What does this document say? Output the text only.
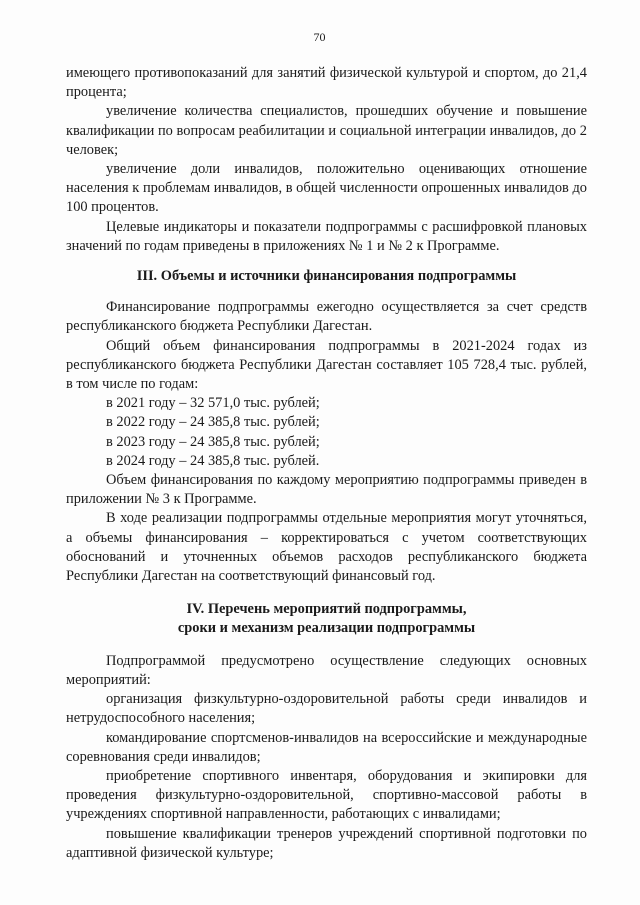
70

имеющего противопоказаний для занятий физической культурой и спортом, до 21,4 процента;

увеличение количества специалистов, прошедших обучение и повышение квалификации по вопросам реабилитации и социальной интеграции инвалидов, до 2 человек;

увеличение доли инвалидов, положительно оценивающих отношение населения к проблемам инвалидов, в общей численности опрошенных инвалидов до 100 процентов.

Целевые индикаторы и показатели подпрограммы с расшифровкой плановых значений по годам приведены в приложениях № 1 и № 2 к Программе.

III. Объемы и источники финансирования подпрограммы

Финансирование подпрограммы ежегодно осуществляется за счет средств республиканского бюджета Республики Дагестан.

Общий объем финансирования подпрограммы в 2021-2024 годах из республиканского бюджета Республики Дагестан составляет 105 728,4 тыс. рублей, в том числе по годам:

в 2021 году – 32 571,0 тыс. рублей;

в 2022 году – 24 385,8 тыс. рублей;

в 2023 году – 24 385,8 тыс. рублей;

в 2024 году – 24 385,8 тыс. рублей.

Объем финансирования по каждому мероприятию подпрограммы приведен в приложении № 3 к Программе.

В ходе реализации подпрограммы отдельные мероприятия могут уточняться, а объемы финансирования – корректироваться с учетом соответствующих обоснований и уточненных объемов расходов республиканского бюджета Республики Дагестан на соответствующий финансовый год.

IV. Перечень мероприятий подпрограммы,
сроки и механизм реализации подпрограммы

Подпрограммой предусмотрено осуществление следующих основных мероприятий:

организация физкультурно-оздоровительной работы среди инвалидов и нетрудоспособного населения;

командирование спортсменов-инвалидов на всероссийские и международные соревнования среди инвалидов;

приобретение спортивного инвентаря, оборудования и экипировки для проведения физкультурно-оздоровительной, спортивно-массовой работы в учреждениях спортивной направленности, работающих с инвалидами;

повышение квалификации тренеров учреждений спортивной подготовки по адаптивной физической культуре;
